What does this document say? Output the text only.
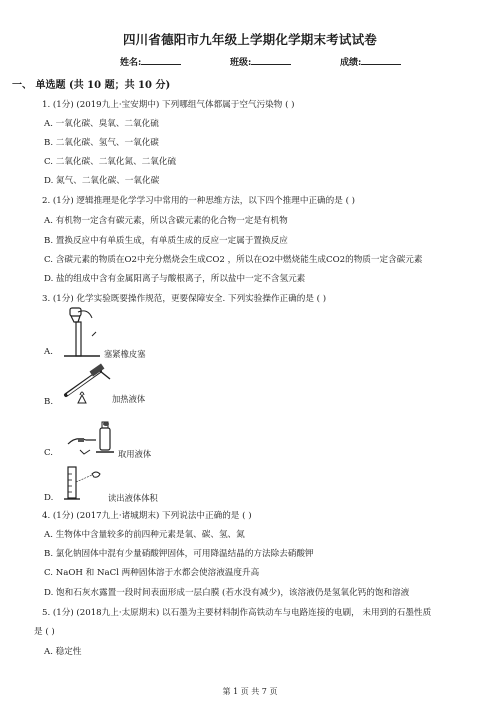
四川省德阳市九年级上学期化学期末考试试卷
姓名:	班级:	成绩:
一、 单选题 (共 10 题；共 10 分)
1. (1分) (2019九上·宝安期中) 下列哪组气体都属于空气污染物 ( )
A. 一氧化碳、臭氧、二氧化硫
B. 二氧化碳、氢气、一氧化碳
C. 二氧化碳、二氧化氮、二氧化硫
D. 氮气、二氧化碳、一氧化碳
2. (1分) 逻辑推理是化学学习中常用的一种思维方法，以下四个推理中正确的是 ( )
A. 有机物一定含有碳元素，所以含碳元素的化合物一定是有机物
B. 置换反应中有单质生成，有单质生成的反应一定属于置换反应
C. 含碳元素的物质在O2中充分燃烧会生成CO2 ，所以在O2中燃烧能生成CO2的物质一定含碳元素
D. 盐的组成中含有金属阳离子与酸根离子，所以盐中一定不含氢元素
3. (1分) 化学实验既要操作规范，更要保障安全. 下列实验操作正确的是 ( )
A.	塞紧橡皮塞
B.	加热液体
C.	取用液体
D.	读出液体体积
4. (1分) (2017九上·诸城期末) 下列说法中正确的是 ( )
A. 生物体中含量较多的前四种元素是氧、碳、氢、氮
B. 氯化钠固体中混有少量硝酸钾固体，可用降温结晶的方法除去硝酸钾
C. NaOH 和 NaCl 两种固体溶于水都会使溶液温度升高
D. 饱和石灰水露置一段时间表面形成一层白膜 (若水没有减少)，该溶液仍是氢氧化钙的饱和溶液
5. (1分) (2018九上·太原期末) 以石墨为主要材料制作高铁动车与电路连接的电刷， 未用到的石墨性质
是 ( )
A. 稳定性
第 1 页 共 7 页
